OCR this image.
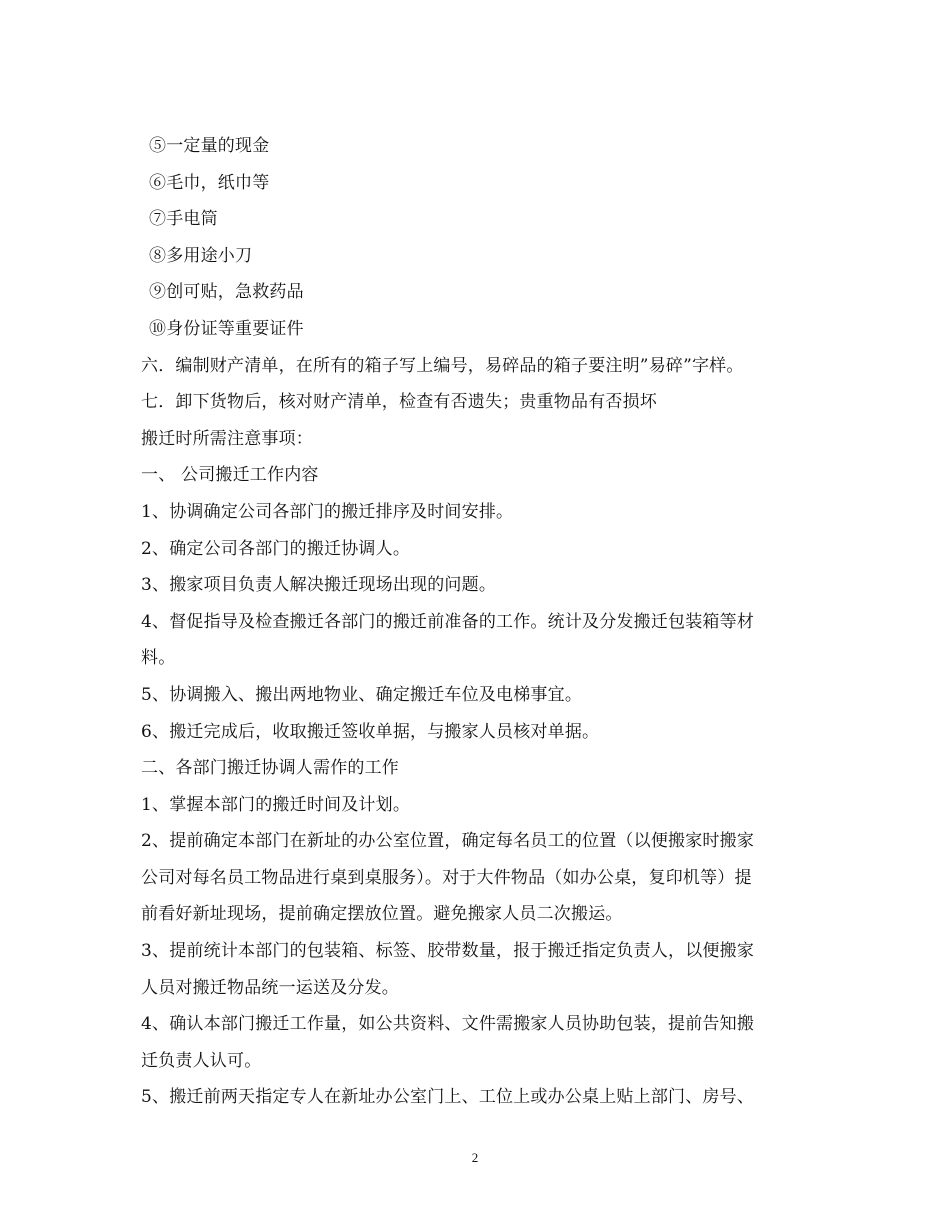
⑤一定量的现金
⑥毛巾，纸巾等
⑦手电筒
⑧多用途小刀
⑨创可贴，急救药品
⑩身份证等重要证件
六．编制财产清单，在所有的箱子写上编号，易碎品的箱子要注明”易碎”字样。
七．卸下货物后，核对财产清单，检查有否遗失；贵重物品有否损坏
搬迁时所需注意事项：
一、 公司搬迁工作内容
1、协调确定公司各部门的搬迁排序及时间安排。
2、确定公司各部门的搬迁协调人。
3、搬家项目负责人解决搬迁现场出现的问题。
4、督促指导及检查搬迁各部门的搬迁前准备的工作。统计及分发搬迁包装箱等材
料。
5、协调搬入、搬出两地物业、确定搬迁车位及电梯事宜。
6、搬迁完成后，收取搬迁签收单据，与搬家人员核对单据。
二、各部门搬迁协调人需作的工作
1、掌握本部门的搬迁时间及计划。
2、提前确定本部门在新址的办公室位置，确定每名员工的位置（以便搬家时搬家
公司对每名员工物品进行桌到桌服务）。对于大件物品（如办公桌，复印机等）提
前看好新址现场，提前确定摆放位置。避免搬家人员二次搬运。
3、提前统计本部门的包装箱、标签、胶带数量，报于搬迁指定负责人，以便搬家
人员对搬迁物品统一运送及分发。
4、确认本部门搬迁工作量，如公共资料、文件需搬家人员协助包装，提前告知搬
迁负责人认可。
5、搬迁前两天指定专人在新址办公室门上、工位上或办公桌上贴上部门、房号、
2
